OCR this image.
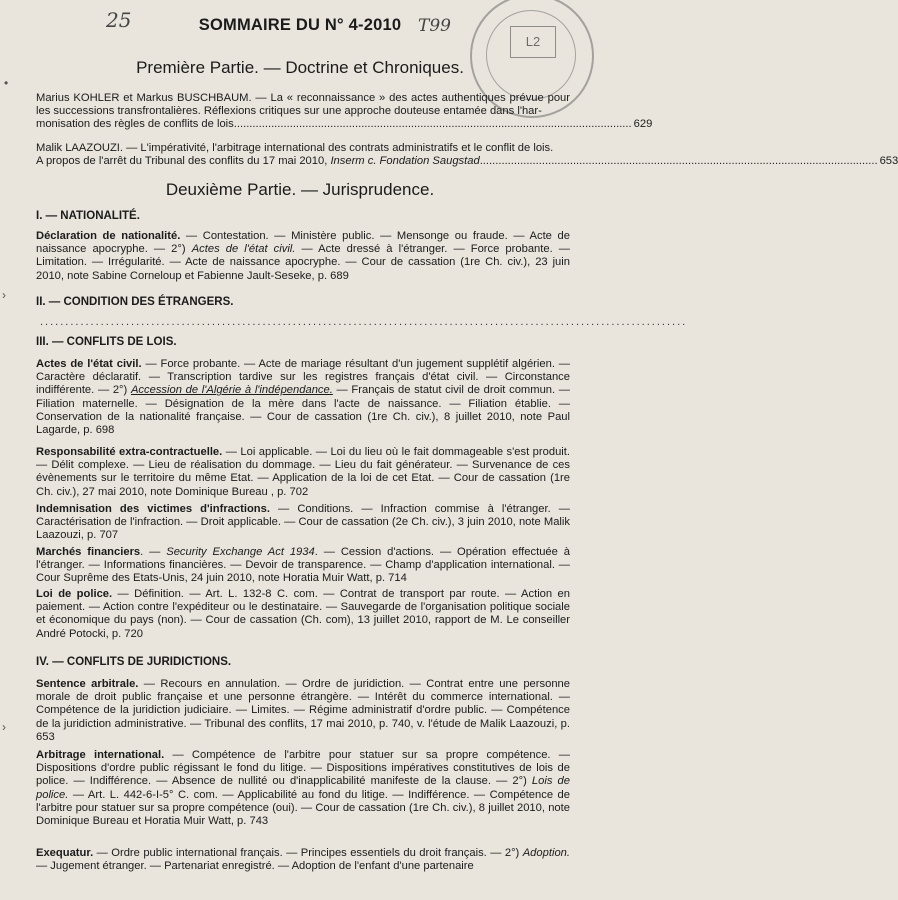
25	T99
L2
SOMMAIRE DU N° 4-2010
Première Partie. — Doctrine et Chroniques.
Marius KOHLER et Markus BUSCHBAUM. — La « reconnaissance » des actes authentiques prévue pour les successions transfrontalières. Réflexions critiques sur une approche douteuse entamée dans l'har-
monisation des règles de conflits de lois................................................................................................................................ 629
Malik LAAZOUZI. — L'impérativité, l'arbitrage international des contrats administratifs et le conflit de lois.
A propos de l'arrêt du Tribunal des conflits du 17 mai 2010, Inserm c. Fondation Saugstad................................................................................................................................ 653
Deuxième Partie. — Jurisprudence.
I. — NATIONALITÉ.
Déclaration de nationalité. — Contestation. — Ministère public. — Mensonge ou fraude. — Acte de naissance apocryphe. — 2°) Actes de l'état civil. — Acte dressé à l'étranger. — Force probante. — Limitation. — Irrégularité. — Acte de naissance apocryphe. — Cour de cassation (1re Ch. civ.), 23 juin 2010, note Sabine Corneloup et Fabienne Jault-Seseke, p. 689
II. — CONDITION DES ÉTRANGERS.
................................................................................................................................
III. — CONFLITS DE LOIS.
Actes de l'état civil. — Force probante. — Acte de mariage résultant d'un jugement supplétif algérien. — Caractère déclaratif. — Transcription tardive sur les registres français d'état civil. — Circonstance indifférente. — 2°) Accession de l'Algérie à l'indépendance. — Français de statut civil de droit commun. — Filiation maternelle. — Désignation de la mère dans l'acte de naissance. — Filiation établie. — Conservation de la nationalité française. — Cour de cassation (1re Ch. civ.), 8 juillet 2010, note Paul Lagarde, p. 698
Responsabilité extra-contractuelle. — Loi applicable. — Loi du lieu où le fait dommageable s'est produit. — Délit complexe. — Lieu de réalisation du dommage. — Lieu du fait générateur. — Survenance de ces évènements sur le territoire du même Etat. — Application de la loi de cet Etat. — Cour de cassation (1re Ch. civ.), 27 mai 2010, note Dominique Bureau , p. 702
Indemnisation des victimes d'infractions. — Conditions. — Infraction commise à l'étranger. — Caractérisation de l'infraction. — Droit applicable. — Cour de cassation (2e Ch. civ.), 3 juin 2010, note Malik Laazouzi, p. 707
Marchés financiers. — Security Exchange Act 1934. — Cession d'actions. — Opération effectuée à l'étranger. — Informations financières. — Devoir de transparence. — Champ d'application international. — Cour Suprême des Etats-Unis, 24 juin 2010, note Horatia Muir Watt, p. 714
Loi de police. — Définition. — Art. L. 132-8 C. com. — Contrat de transport par route. — Action en paiement. — Action contre l'expéditeur ou le destinataire. — Sauvegarde de l'organisation politique sociale et économique du pays (non). — Cour de cassation (Ch. com), 13 juillet 2010, rapport de M. Le conseiller André Potocki, p. 720
IV. — CONFLITS DE JURIDICTIONS.
Sentence arbitrale. — Recours en annulation. — Ordre de juridiction. — Contrat entre une personne morale de droit public française et une personne étrangère. — Intérêt du commerce international. — Compétence de la juridiction judiciaire. — Limites. — Régime administratif d'ordre public. — Compétence de la juridiction administrative. — Tribunal des conflits, 17 mai 2010, p. 740, v. l'étude de Malik Laazouzi, p. 653
Arbitrage international. — Compétence de l'arbitre pour statuer sur sa propre compétence. — Dispositions d'ordre public régissant le fond du litige. — Dispositions impératives constitutives de lois de police. — Indifférence. — Absence de nullité ou d'inapplicabilité manifeste de la clause. — 2°) Lois de police. — Art. L. 442-6-I-5° C. com. — Applicabilité au fond du litige. — Indifférence. — Compétence de l'arbitre pour statuer sur sa propre compétence (oui). — Cour de cassation (1re Ch. civ.), 8 juillet 2010, note Dominique Bureau et Horatia Muir Watt, p. 743
Exequatur. — Ordre public international français. — Principes essentiels du droit français. — 2°) Adoption. — Jugement étranger. — Partenariat enregistré. — Adoption de l'enfant d'une partenaire
•
›
›
